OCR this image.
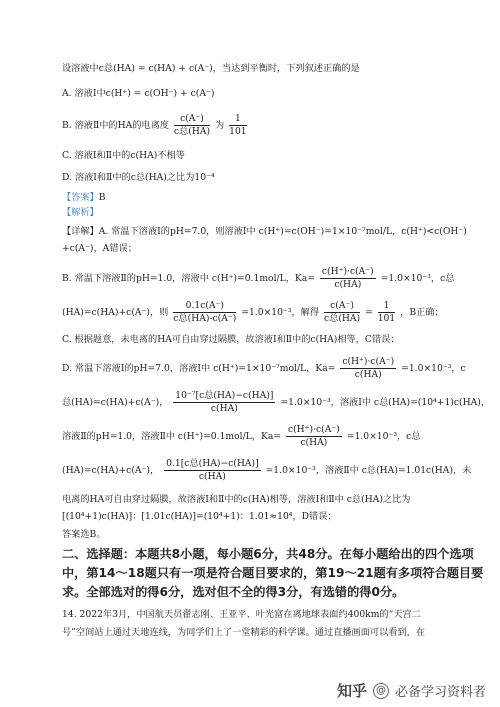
设溶液中c总(HA) = c(HA) + c(A⁻)，当达到平衡时，下列叙述正确的是
A. 溶液Ⅰ中c(H⁺) = c(OH⁻) + c(A⁻)
B. 溶液Ⅱ中的HA的电离度 $\frac{c(A^-)}{\text{c总(HA)}}$ 为 $\frac{1}{101}$
C. 溶液Ⅰ和Ⅱ中的c(HA)不相等
D. 溶液Ⅰ和Ⅱ中的c总(HA)之比为10⁻⁴
【答案】B
【解析】
【详解】A. 常温下溶液Ⅰ的pH=7.0，则溶液Ⅰ中 c(H⁺)=c(OH⁻)=1×10⁻⁷mol/L，c(H⁺)<c(OH⁻)
+c(A⁻)，A错误；
B. 常温下溶液Ⅱ的pH=1.0，溶液中 c(H⁺)=0.1mol/L，$Ka= \frac{c(H^+)\cdot c(A^-)}{c(HA)} =1.0\times 10^{-3}$，c总
(HA)=c(HA)+c(A⁻)，则 $\frac{0.1c(A^-)}{\text{c总(HA)-c(A⁻)}} =1.0\times 10^{-3}$，解得 $\frac{c(A^-)}{\text{c总(HA)}} = \frac{1}{101}$ ，B正确；
C. 根据题意，未电离的HA可自由穿过隔膜，故溶液Ⅰ和Ⅱ中的c(HA)相等，C错误；
D. 常温下溶液Ⅰ的pH=7.0，溶液Ⅰ中 c(H⁺)=1×10⁻⁷mol/L，$Ka= \frac{c(H^+)\cdot c(A^-)}{c(HA)} =1.0\times 10^{-3}$，c
总(HA)=c(HA)+c(A⁻)， $\frac{\text{10⁻⁷[c总(HA)−c(HA)]}}{c(HA)} =1.0\times 10^{-3}$，溶液Ⅰ中 c总(HA)=(10⁴+1)c(HA)，
溶液Ⅱ的pH=1.0，溶液Ⅱ中 c(H⁺)=0.1mol/L，$Ka= \frac{c(H^+)\cdot c(A^-)}{c(HA)} =1.0\times 10^{-3}$，c总
(HA)=c(HA)+c(A⁻)， $\frac{\text{0.1[c总(HA)−c(HA)]}}{c(HA)} =1.0\times 10^{-3}$，溶液Ⅱ中 c总(HA)=1.01c(HA)，未
电离的HA可自由穿过隔膜，故溶液Ⅰ和Ⅱ中的c(HA)相等，溶液Ⅰ和Ⅱ中 c总(HA)之比为
[(10⁴+1)c(HA)]：[1.01c(HA)]=(10⁴+1)：1.01≈10⁴，D错误；
答案选B。
二、选择题：本题共8小题，每小题6分，共48分。在每小题给出的四个选项
中，第14～18题只有一项是符合题目要求的，第19～21题有多项符合题目要
求。全部选对的得6分，选对但不全的得3分，有选错的得0分。
14. 2022年3月，中国航天员翟志刚、王亚平、叶光富在离地球表面约400km的“天宫二
号”空间站上通过天地连线，为同学们上了一堂精彩的科学课。通过直播画面可以看到，在
知乎 @ 必备学习资料者
